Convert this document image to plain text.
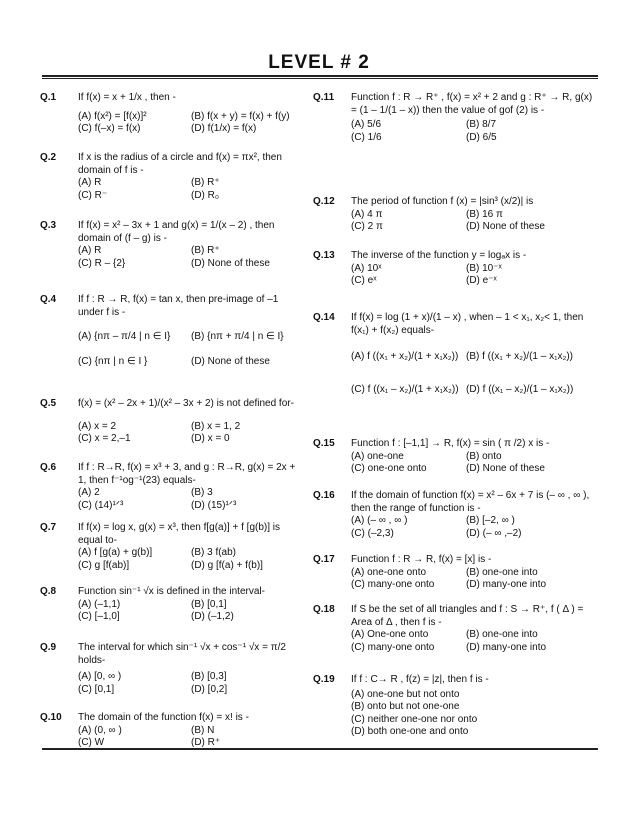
LEVEL # 2
Q.1 If f(x) = x + 1/x , then -
(A) f(x²) = [f(x)]²	(B) f(x + y) = f(x) + f(y)
(C) f(–x) = f(x)	(D) f(1/x) = f(x)
Q.2 If x is the radius of a circle and f(x) = πx², then domain of f is -
(A) R	(B) R⁺
(C) R⁻	(D) R₀
Q.3 If f(x) = x² – 3x + 1 and g(x) = 1/(x – 2) , then domain of (f – g) is -
(A) R	(B) R⁺
(C) R – {2}	(D) None of these
Q.4 If f : R → R, f(x) = tan x, then pre-image of –1 under f is -
(A) {nπ – π/4 | n ∈ I}	(B) {nπ + π/4 | n ∈ I}
(C) {nπ | n ∈ I }	(D) None of these
Q.5 f(x) = (x² – 2x + 1)/(x² – 3x + 2) is not defined for-
(A) x = 2	(B) x = 1, 2
(C) x = 2,–1	(D) x = 0
Q.6 If f : R→R, f(x) = x³ + 3, and g : R→R, g(x) = 2x + 1, then f⁻¹og⁻¹(23) equals-
(A) 2	(B) 3
(C) (14)¹ᐟ³	(D) (15)¹ᐟ³
Q.7 If f(x) = log x, g(x) = x³, then f[g(a)] + f [g(b)] is equal to-
(A) f [g(a) + g(b)]	(B) 3 f(ab)
(C) g [f(ab)]	(D) g [f(a) + f(b)]
Q.8 Function sin⁻¹ √x is defined in the interval-
(A) (–1,1)	(B) [0,1]
(C) [–1,0]	(D) (–1,2)
Q.9 The interval for which sin⁻¹ √x + cos⁻¹ √x = π/2 holds-
(A) [0, ∞ )	(B) [0,3]
(C) [0,1]	(D) [0,2]
Q.10 The domain of the function f(x) = x! is -
(A) (0, ∞ )	(B) N
(C) W	(D) R⁺
Q.11 Function f : R → R⁺ , f(x) = x² + 2 and g : R⁺ → R, g(x) = (1 – 1/(1 – x)) then the value of gof (2) is -
(A) 5/6	(B) 8/7
(C) 1/6	(D) 6/5
Q.12 The period of function f (x) = |sin³ (x/2)| is
(A) 4 π	(B) 16 π
(C) 2 π	(D) None of these
Q.13 The inverse of the function y = logₐx is -
(A) 10ˣ	(B) 10⁻ˣ
(C) eˣ	(D) e⁻ˣ
Q.14 If f(x) = log (1 + x)/(1 – x) , when – 1 < x₁, x₂< 1, then f(x₁) + f(x₂) equals-
(A) f ((x₁ + x₂)/(1 + x₁x₂)) (B) f ((x₁ + x₂)/(1 – x₁x₂))
(C) f ((x₁ – x₂)/(1 + x₁x₂)) (D) f ((x₁ – x₂)/(1 – x₁x₂))
Q.15 Function f : [–1,1] → R, f(x) = sin ( π /2) x is -
(A) one-one	(B) onto
(C) one-one onto	(D) None of these
Q.16 If the domain of function f(x) = x² – 6x + 7 is (– ∞ , ∞ ), then the range of function is -
(A) (– ∞ , ∞ )	(B) [–2, ∞ )
(C) (–2,3)	(D) (– ∞ ,–2)
Q.17 Function f : R → R, f(x) = [x] is -
(A) one-one onto	(B) one-one into
(C) many-one onto	(D) many-one into
Q.18 If S be the set of all triangles and f : S → R⁺, f ( Δ ) = Area of Δ , then f is -
(A) One-one onto	(B) one-one into
(C) many-one onto	(D) many-one into
Q.19 If f : C→ R , f(z) = |z|, then f is -
(A) one-one but not onto
(B) onto but not one-one
(C) neither one-one nor onto
(D) both one-one and onto
